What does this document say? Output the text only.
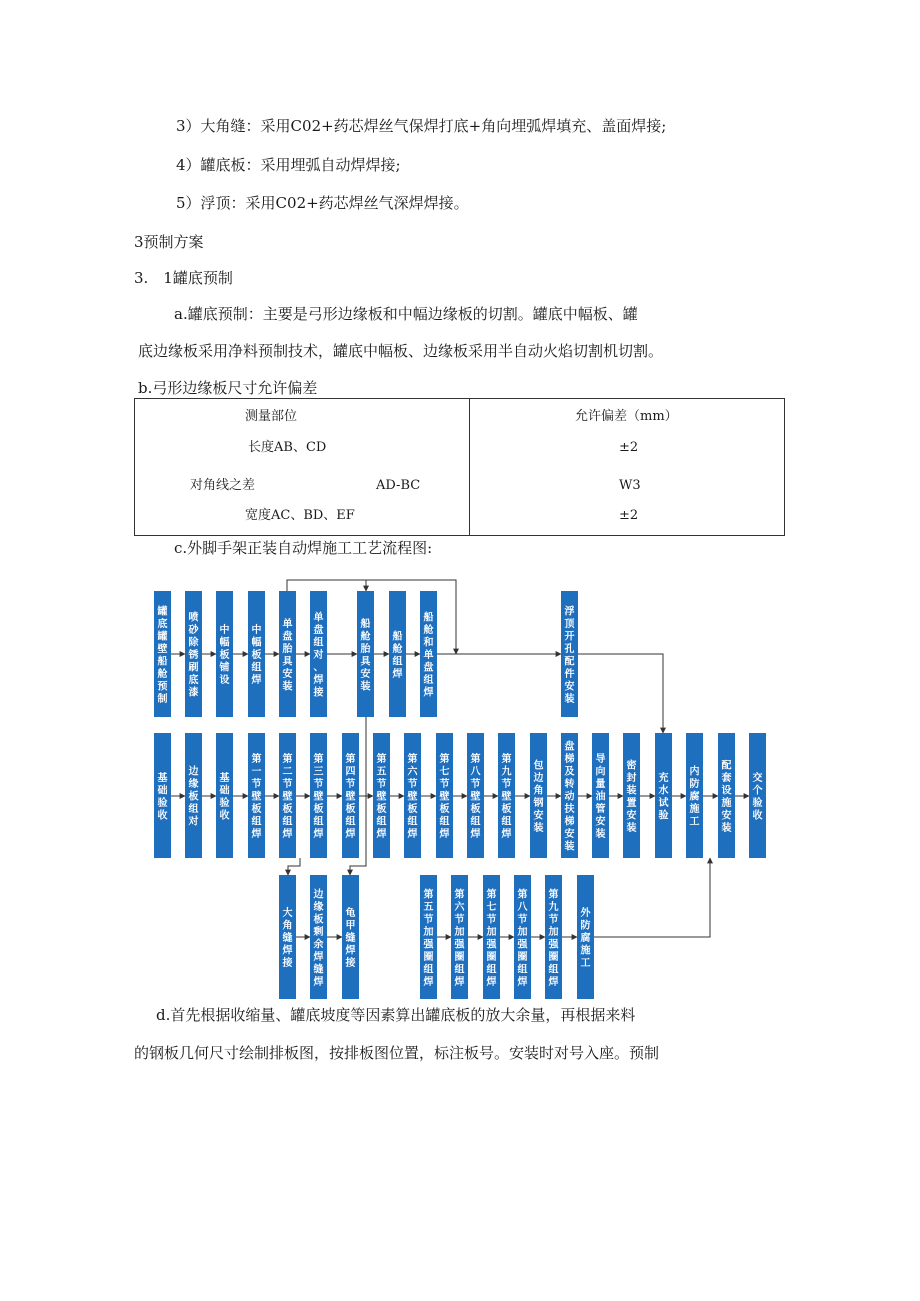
3）大角缝：采用C02+药芯焊丝气保焊打底+角向埋弧焊填充、盖面焊接;
4）罐底板：采用埋弧自动焊焊接;
5）浮顶：采用C02+药芯焊丝气深焊焊接。
3预制方案
3.　1罐底预制
a.罐底预制：主要是弓形边缘板和中幅边缘板的切割。罐底中幅板、罐
底边缘板采用净料预制技术，罐底中幅板、边缘板采用半自动火焰切割机切割。
b.弓形边缘板尺寸允许偏差
测量部位	允许偏差（mm）
长度AB、CD	±2
对角线之差	AD-BC	W3
宽度AC、BD、EF	±2
c.外脚手架正装自动焊施工工艺流程图:
罐底罐壁船舱预制
喷砂除锈刷底漆
中幅板铺设
中幅板组焊
单盘胎具安装
单盘组对、焊接
船舱胎具安装
船舱组焊
船舱和单盘组焊
浮顶开孔配件安装
基础验收
边缘板组对
基础验收
第一节壁板组焊
第二节壁板组焊
第三节壁板组焊
第四节壁板组焊
第五节壁板组焊
第六节壁板组焊
第七节壁板组焊
第八节壁板组焊
第九节壁板组焊
包边角钢安装
盘梯及转动扶梯安装
导向量油管安装
密封装置安装
充水试验
内防腐施工
配套设施安装
交个验收
大角缝焊接
边缘板剩余焊缝焊
龟甲缝焊接
第五节加强圈组焊
第六节加强圈组焊
第七节加强圈组焊
第八节加强圈组焊
第九节加强圈组焊
外防腐施工
d.首先根据收缩量、罐底坡度等因素算出罐底板的放大余量，再根据来料
的钢板几何尺寸绘制排板图，按排板图位置，标注板号。安装时对号入座。预制
